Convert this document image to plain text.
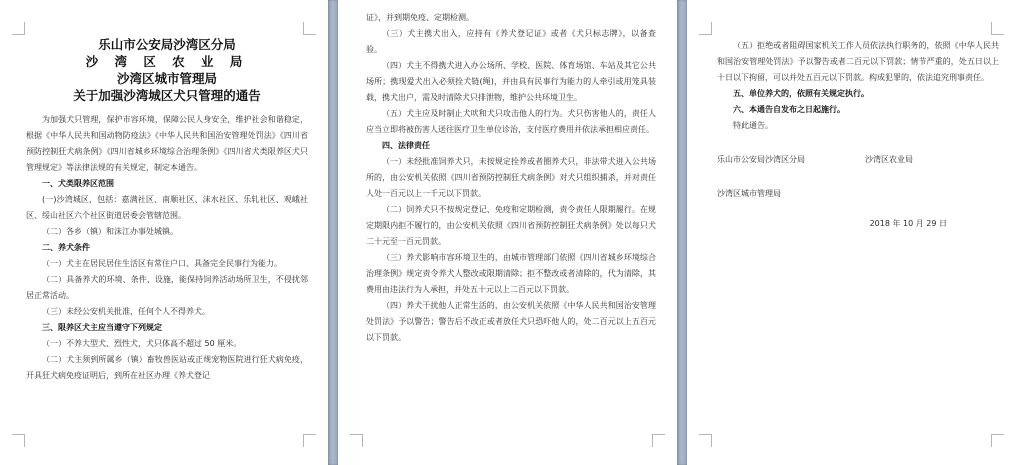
乐山市公安局沙湾区分局

沙 湾 区 农 业 局

沙湾区城市管理局

关于加强沙湾城区犬只管理的通告

为加强犬只管理，保护市容环境，保障公民人身安全，维护社会和谐稳定，根据《中华人民共和国动物防疫法》《中华人民共和国治安管理处罚法》《四川省预防控制狂犬病条例》《四川省城乡环境综合治理条例》《四川省犬类限养区犬只管理规定》等法律法规的有关规定，制定本通告。

一、犬类限养区范围

(一)沙湾城区，包括：嘉满社区、南顺社区、沫水社区、乐轧社区、观峨社区、绥山社区六个社区街道居委会管辖范围。

（二）各乡（镇）和沫江办事处城镇。

二、养犬条件

（一）犬主在居民居住生活区有常住户口、具备完全民事行为能力。

（二）具备养犬的环境、条件、设施，能保持饲养活动场所卫生，不侵扰邻居正常活动。

（三）未经公安机关批准，任何个人不得养犬。

三、限养区犬主应当遵守下列规定

（一）不养大型犬、烈性犬，犬只体高不超过 50 厘米。

（二）犬主须到所属乡（镇）畜牧兽医站或正规宠物医院进行狂犬病免疫，开具狂犬病免疫证明后，到所在社区办理《养犬登记

证》，并到期免疫、定期检测。

（三）犬主携犬出入，应持有《养犬登记证》或者《犬只标志牌》，以备查验。

（四）犬主不得携犬进入办公场所、学校、医院、体育场馆、车站及其它公共场所；携现爱犬出入必须拴犬链(绳)，并由具有民事行为能力的人牵引或用笼具装载，携犬出户，需及时清除犬只排泄物，维护公共环境卫生。

（五）犬主应及时制止犬吠和犬只攻击他人的行为。犬只伤害他人的，责任人应当立即将被伤害人送往医疗卫生单位诊治，支付医疗费用并依法承担相应责任。

四、法律责任

（一）未经批准饲养犬只，未按规定拴养或者圈养犬只，非法带犬进入公共场所的，由公安机关依照《四川省预防控制狂犬病条例》对犬只组织捕杀，并对责任人处一百元以上一千元以下罚款。

（二）饲养犬只不按规定登记、免疫和定期检测，责令责任人限期履行。在规定期限内拒不履行的，由公安机关依照《四川省预防控制狂犬病条例》处以每只犬二十元至一百元罚款。

（三）养犬影响市容环境卫生的，由城市管理部门依照《四川省城乡环境综合治理条例》规定责令养犬人整改或限期清除；拒不整改或者清除的，代为清除，其费用由违法行为人承担，并处五十元以上二百元以下罚款。

（四）养犬干扰他人正常生活的，由公安机关依照《中华人民共和国治安管理处罚法》予以警告；警告后不改正或者放任犬只恐吓他人的，处二百元以上五百元以下罚款。

（五）拒绝或者阻碍国家机关工作人员依法执行职务的，依照《中华人民共和国治安管理处罚法》予以警告或者二百元以下罚款；情节严重的，处五日以上十日以下拘留，可以并处五百元以下罚款。构成犯罪的，依法追究刑事责任。

五、单位养犬的，依照有关规定执行。

六、本通告自发布之日起施行。

特此通告。

乐山市公安局沙湾区分局	沙湾区农业局

沙湾区城市管理局

2018 年 10 月 29 日
